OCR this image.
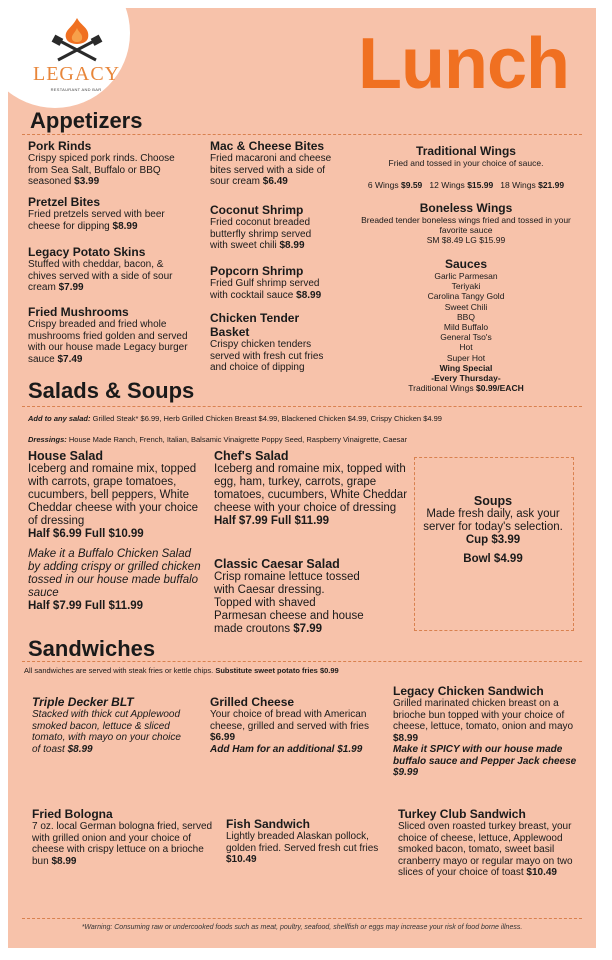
LEGACY
RESTAURANT AND BAR	Lunch
Appetizers
Pork Rinds
Crispy spiced pork rinds. Choose from Sea Salt, Buffalo or BBQ seasoned $3.99
Pretzel Bites
Fried pretzels served with beer cheese for dipping $8.99
Legacy Potato Skins
Stuffed with cheddar, bacon, & chives served with a side of sour cream $7.99
Fried Mushrooms
Crispy breaded and fried whole mushrooms fried golden and served with our house made Legacy burger sauce $7.49
Mac & Cheese Bites
Fried macaroni and cheese bites served with a side of sour cream $6.49
Coconut Shrimp
Fried coconut breaded butterfly shrimp served with sweet chili $8.99
Popcorn Shrimp
Fried Gulf shrimp served with cocktail sauce $8.99
Chicken Tender Basket
Crispy chicken tenders served with fresh cut fries and choice of dipping
Traditional Wings
Fried and tossed in your choice of sauce.
6 Wings $9.59 12 Wings $15.99 18 Wings $21.99
Boneless Wings
Breaded tender boneless wings fried and tossed in your favorite sauce
SM $8.49 LG $15.99
Sauces
Garlic Parmesan
Teriyaki
Carolina Tangy Gold
Sweet Chili
BBQ
Mild Buffalo
General Tso's
Hot
Super Hot
Wing Special
-Every Thursday-
Traditional Wings $0.99/EACH
Salads & Soups
Add to any salad: Grilled Steak* $6.99, Herb Grilled Chicken Breast $4.99, Blackened Chicken $4.99, Crispy Chicken $4.99
Dressings: House Made Ranch, French, Italian, Balsamic Vinaigrette Poppy Seed, Raspberry Vinaigrette, Caesar
House Salad
Iceberg and romaine mix, topped with carrots, grape tomatoes, cucumbers, bell peppers, White Cheddar cheese with your choice of dressing
Half $6.99 Full $10.99
Make it a Buffalo Chicken Salad by adding crispy or grilled chicken tossed in our house made buffalo sauce
Half $7.99 Full $11.99
Chef's Salad
Iceberg and romaine mix, topped with egg, ham, turkey, carrots, grape tomatoes, cucumbers, White Cheddar cheese with your choice of dressing
Half $7.99 Full $11.99
Classic Caesar Salad
Crisp romaine lettuce tossed with Caesar dressing. Topped with shaved Parmesan cheese and house made croutons $7.99
Soups
Made fresh daily, ask your server for today's selection.
Cup $3.99
Bowl $4.99
Sandwiches
All sandwiches are served with steak fries or kettle chips. Substitute sweet potato fries $0.99
Triple Decker BLT
Stacked with thick cut Applewood smoked bacon, lettuce & sliced tomato, with mayo on your choice of toast $8.99
Grilled Cheese
Your choice of bread with American cheese, grilled and served with fries $6.99
Add Ham for an additional $1.99
Legacy Chicken Sandwich
Grilled marinated chicken breast on a brioche bun topped with your choice of cheese, lettuce, tomato, onion and mayo $8.99
Make it SPICY with our house made buffalo sauce and Pepper Jack cheese $9.99
Fried Bologna
7 oz. local German bologna fried, served with grilled onion and your choice of cheese with crispy lettuce on a brioche bun $8.99
Fish Sandwich
Lightly breaded Alaskan pollock, golden fried. Served fresh cut fries $10.49
Turkey Club Sandwich
Sliced oven roasted turkey breast, your choice of cheese, lettuce, Applewood smoked bacon, tomato, sweet basil cranberry mayo or regular mayo on two slices of your choice of toast $10.49
*Warning: Consuming raw or undercooked foods such as meat, poultry, seafood, shellfish or eggs may increase your risk of food borne illness.
